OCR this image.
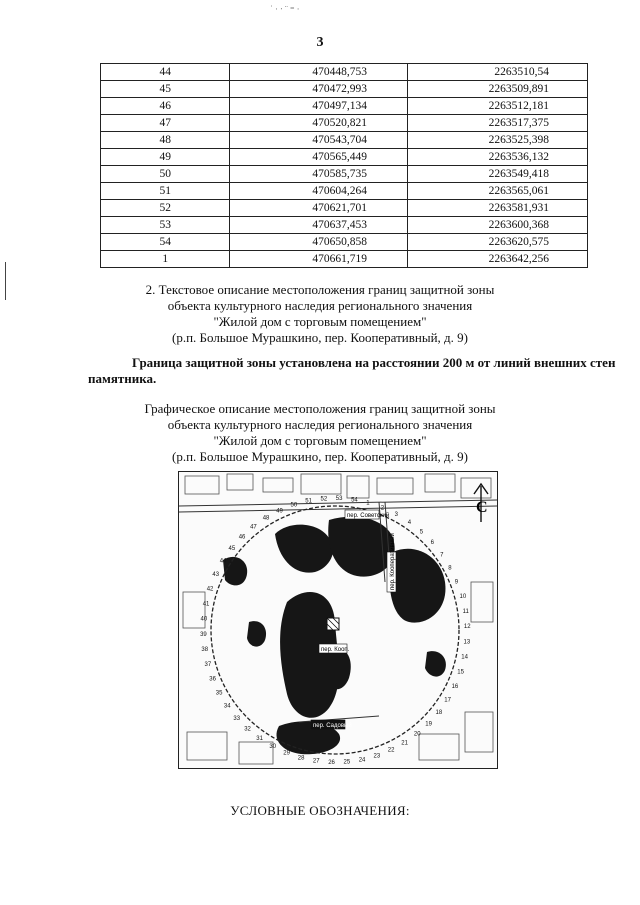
˙·‧¨⁼·
3
44	470448,753	2263510,54
45	470472,993	2263509,891
46	470497,134	2263512,181
47	470520,821	2263517,375
48	470543,704	2263525,398
49	470565,449	2263536,132
50	470585,735	2263549,418
51	470604,264	2263565,061
52	470621,701	2263581,931
53	470637,453	2263600,368
54	470650,858	2263620,575
1	470661,719	2263642,256
2. Текстовое описание местоположения границ защитной зоны
объекта культурного наследия регионального значения
"Жилой дом с торговым помещением"
(р.п. Большое Мурашкино, пер. Кооперативный, д. 9)
Граница защитной зоны установлена на расстоянии 200 м от линий внешних стен
памятника.
Графическое описание местоположения границ защитной зоны
объекта культурного наследия регионального значения
"Жилой дом с торговым помещением"
(р.п. Большое Мурашкино, пер. Кооперативный, д. 9)
1
2
3
4
5
6
7
8
9
10
11
12
13
14
15
16
17
18
19
20
21
22
23
24
25
26
27
28
29
30
31
32
33
34
35
36
37
38
39
40
41
42
43
44
45
46
47
48
49
50
51 52 53 54
пер. Советский
пер. Кооперативный
пер. Кооп.
пер. Садовый
С
УСЛОВНЫЕ ОБОЗНАЧЕНИЯ:
